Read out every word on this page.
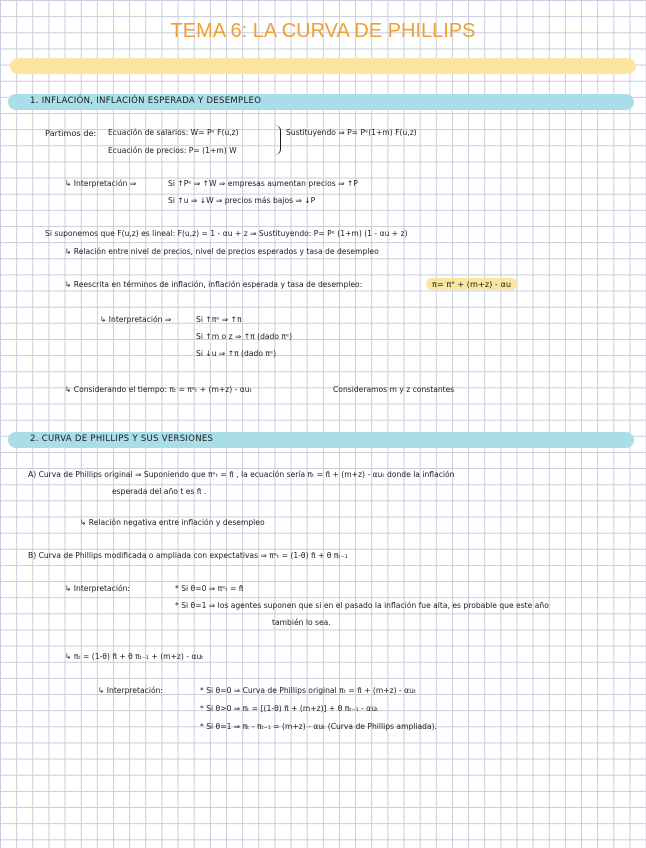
TEMA 6: LA CURVA DE PHILLIPS
1. INFLACIÓN, INFLACIÓN ESPERADA Y DESEMPLEO
Partimos de: Ecuación de salarios: W= Pᵉ F(u,z)
Ecuación de precios: P= (1+m) W
Sustituyendo ⇒ P= Pᵉ(1+m) F(u,z)
↳ Interpretación ⇒	Si ↑Pᵉ ⇒ ↑W ⇒ empresas aumentan precios ⇒ ↑P
Si ↑u ⇒ ↓W ⇒ precios más bajos ⇒ ↓P
Si suponemos que F(u,z) es lineal: F(u,z) = 1 - αu + z ⇒ Sustituyendo: P= Pᵉ (1+m) (1 - αu + z)
↳ Relación entre nivel de precios, nivel de precios esperados y tasa de desempleo
↳ Reescrita en términos de inflación, inflación esperada y tasa de desempleo:	π= πᵉ + (m+z) - αu
↳ Interpretación ⇒	Si ↑πᵉ ⇒ ↑π
Si ↑m o z ⇒ ↑π (dado πᵉ)
Si ↓u ⇒ ↑π (dado πᵉ)
↳ Considerando el tiempo: πₜ = πᵉₜ + (m+z) - αuₜ	Consideramos m y z constantes
2. CURVA DE PHILLIPS Y SUS VERSIONES
A) Curva de Phillips original ⇒ Suponiendo que πᵉₜ = π̄ , la ecuación sería πₜ = π̄ + (m+z) - αuₜ donde la inflación
esperada del año t es π̄ .
↳ Relación negativa entre inflación y desempleo
B) Curva de Phillips modificada o ampliada con expectativas ⇒ πᵉₜ = (1-θ) π̄ + θ πₜ₋₁
↳ Interpretación:	* Si θ=0 ⇒ πᵉₜ = π̄
* Si θ=1 ⇒ los agentes suponen que si en el pasado la inflación fue alta, es probable que este año
también lo sea.
↳ πₜ = (1-θ) π̄ + θ πₜ₋₁ + (m+z) - αuₜ
↳ Interpretación:	* Si θ=0 ⇒ Curva de Phillips original πₜ = π̄ + (m+z) - αuₜ
* Si θ>0 ⇒ πₜ = [(1-θ) π̄ + (m+z)] + θ πₜ₋₁ - αuₜ
* Si θ=1 ⇒ πₜ - πₜ₋₁ = (m+z) - αuₜ (Curva de Phillips ampliada).
